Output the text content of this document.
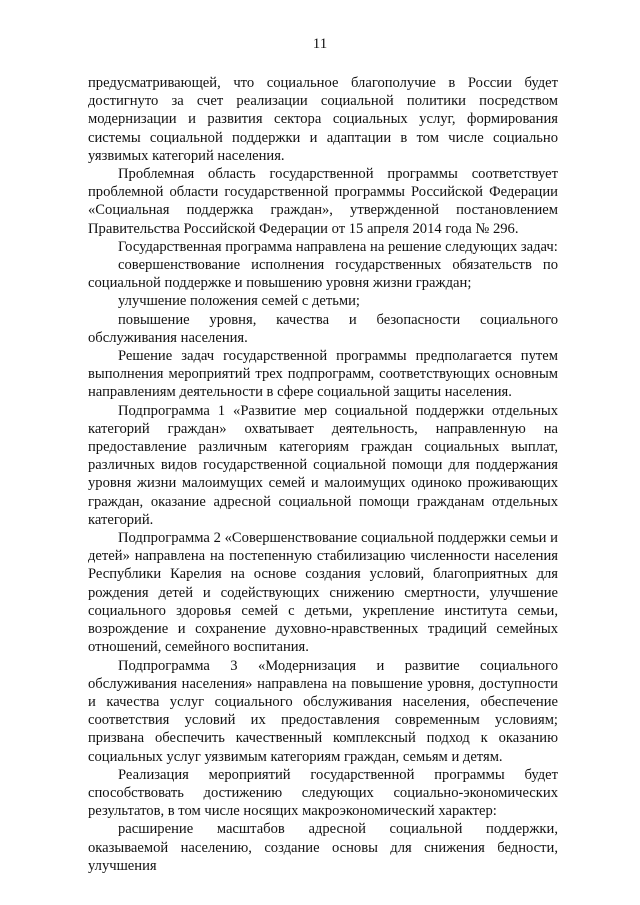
11

предусматривающей, что социальное благополучие в России будет достигнуто за счет реализации социальной политики посредством модернизации и развития сектора социальных услуг, формирования системы социальной поддержки и адаптации в том числе социально уязвимых категорий населения.

Проблемная область государственной программы соответствует проблемной области государственной программы Российской Федерации «Социальная поддержка граждан», утвержденной постановлением Правительства Российской Федерации от 15 апреля 2014 года № 296.

Государственная программа направлена на решение следующих задач:

совершенствование исполнения государственных обязательств по социальной поддержке и повышению уровня жизни граждан;

улучшение положения семей с детьми;

повышение уровня, качества и безопасности социального обслуживания населения.

Решение задач государственной программы предполагается путем выполнения мероприятий трех подпрограмм, соответствующих основным направлениям деятельности в сфере социальной защиты населения.

Подпрограмма 1 «Развитие мер социальной поддержки отдельных категорий граждан» охватывает деятельность, направленную на предоставление различным категориям граждан социальных выплат, различных видов государственной социальной помощи для поддержания уровня жизни малоимущих семей и малоимущих одиноко проживающих граждан, оказание адресной социальной помощи гражданам отдельных категорий.

Подпрограмма 2 «Совершенствование социальной поддержки семьи и детей» направлена на постепенную стабилизацию численности населения Республики Карелия на основе создания условий, благоприятных для рождения детей и содействующих снижению смертности, улучшение социального здоровья семей с детьми, укрепление института семьи, возрождение и сохранение духовно-нравственных традиций семейных отношений, семейного воспитания.

Подпрограмма 3 «Модернизация и развитие социального обслуживания населения» направлена на повышение уровня, доступности и качества услуг социального обслуживания населения, обеспечение соответствия условий их предоставления современным условиям; призвана обеспечить качественный комплексный подход к оказанию социальных услуг уязвимым категориям граждан, семьям и детям.

Реализация мероприятий государственной программы будет способствовать достижению следующих социально-экономических результатов, в том числе носящих макроэкономический характер:

расширение масштабов адресной социальной поддержки, оказываемой населению, создание основы для снижения бедности, улучшения
